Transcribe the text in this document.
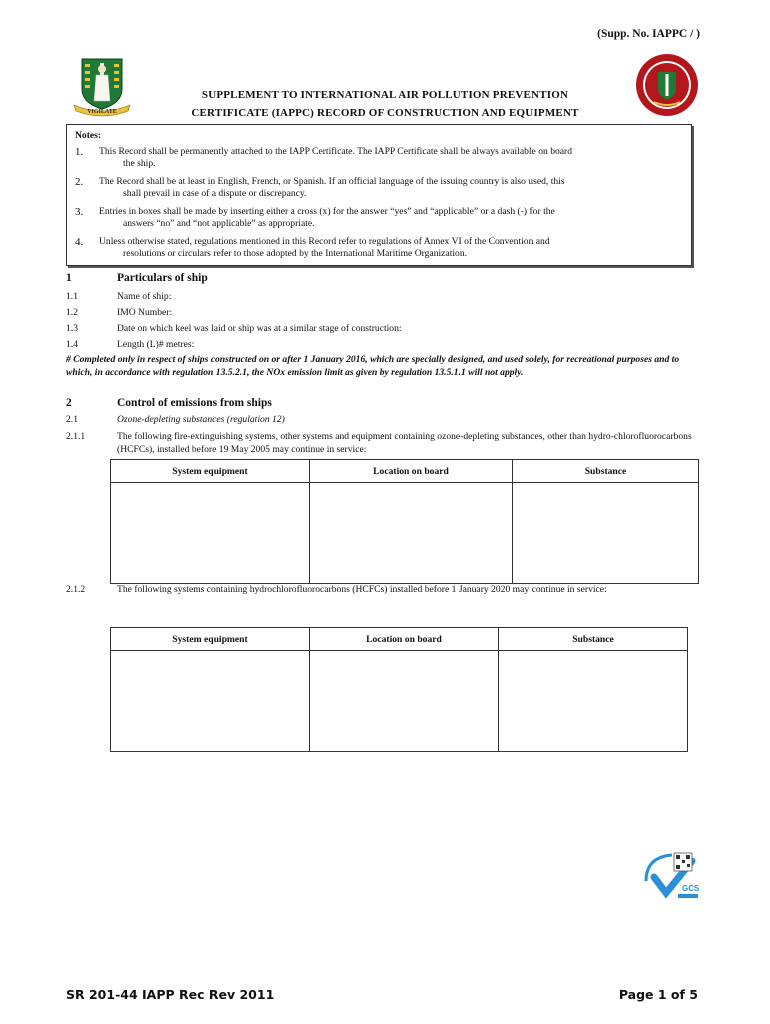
(Supp. No. IAPPC / )
VIGILATE
SUPPLEMENT TO INTERNATIONAL AIR POLLUTION PREVENTION
CERTIFICATE (IAPPC) RECORD OF CONSTRUCTION AND EQUIPMENT
Notes:
1.	This Record shall be permanently attached to the IAPP Certificate. The IAPP Certificate shall be always available on board
the ship.
2.	The Record shall be at least in English, French, or Spanish. If an official language of the issuing country is also used, this
shall prevail in case of a dispute or discrepancy.
3.	Entries in boxes shall be made by inserting either a cross (x) for the answer “yes” and “applicable” or a dash (-) for the
answers “no” and “not applicable” as appropriate.
4.	Unless otherwise stated, regulations mentioned in this Record refer to regulations of Annex VI of the Convention and
resolutions or circulars refer to those adopted by the International Maritime Organization.
1	Particulars of ship
1.1	Name of ship:
1.2	IMO Number:
1.3	Date on which keel was laid or ship was at a similar stage of construction:
1.4	Length (L)# metres:
# Completed only in respect of ships constructed on or after 1 January 2016, which are specially designed, and used solely, for recreational purposes and to which, in accordance with regulation 13.5.2.1, the NOx emission limit as given by regulation 13.5.1.1 will not apply.
2	Control of emissions from ships
2.1	Ozone-depleting substances (regulation 12)
2.1.1	The following fire-extinguishing systems, other systems and equipment containing ozone-depleting substances, other than hydro-chlorofluorocarbons (HCFCs), installed before 19 May 2005 may continue in service:
System equipment	Location on board	Substance

2.1.2	The following systems containing hydrochlorofluorocarbons (HCFCs) installed before 1 January 2020 may continue in service:
System equipment	Location on board	Substance

GCS
SR 201-44 IAPP Rec Rev 2011	Page 1 of 5
